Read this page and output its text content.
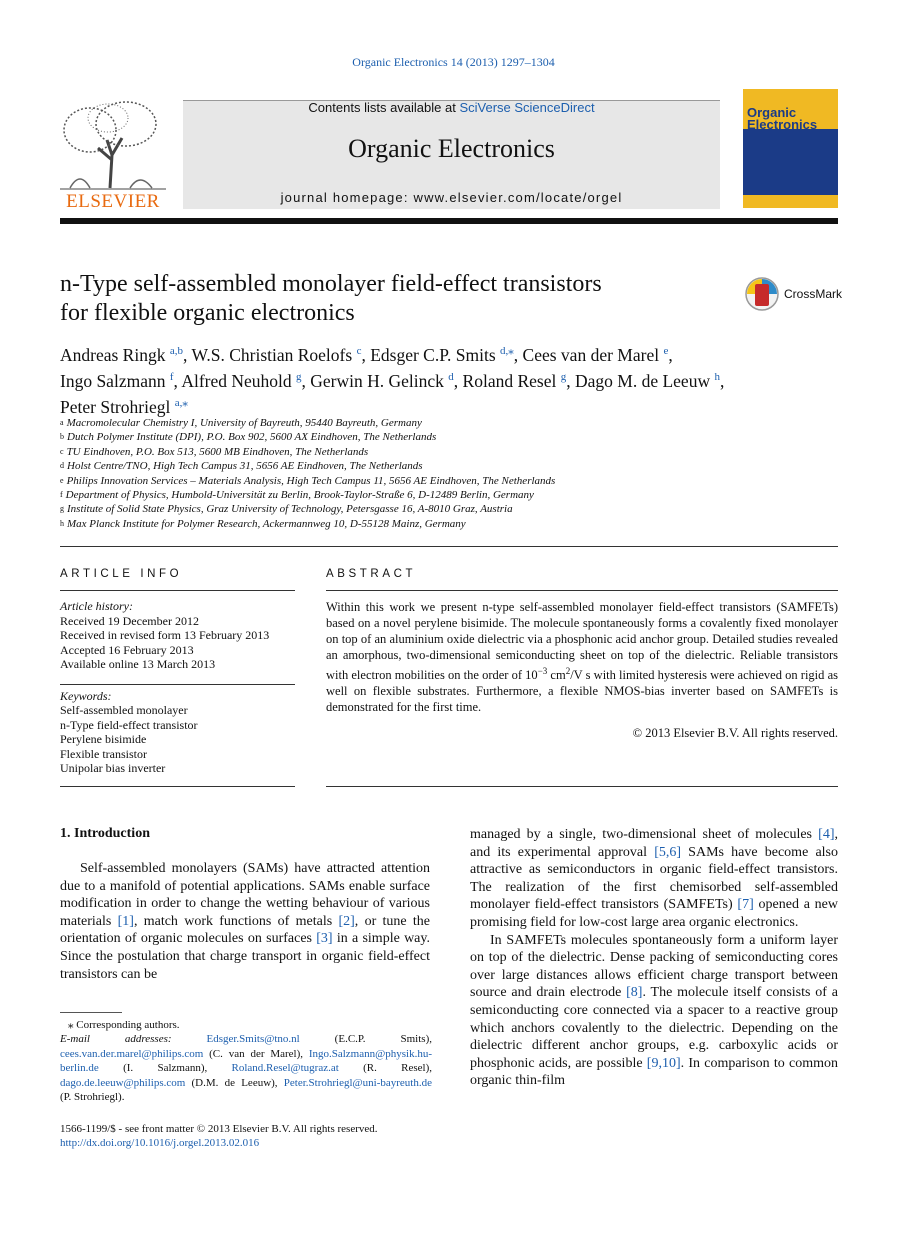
Organic Electronics 14 (2013) 1297–1304
ELSEVIER
Contents lists available at SciVerse ScienceDirect
Organic Electronics
journal homepage: www.elsevier.com/locate/orgel
Organic Electronics
n-Type self-assembled monolayer field-effect transistors
for flexible organic electronics
CrossMark
Andreas Ringk $^{a,b}$, W.S. Christian Roelofs $^c$, Edsger C.P. Smits $^{d,⁎}$, Cees van der Marel $^e$,
Ingo Salzmann $^f$, Alfred Neuhold $^g$, Gerwin H. Gelinck $^d$, Roland Resel $^g$, Dago M. de Leeuw $^h$,
Peter Strohriegl $^{a,⁎}$
$^a$ Macromolecular Chemistry I, University of Bayreuth, 95440 Bayreuth, Germany
$^b$ Dutch Polymer Institute (DPI), P.O. Box 902, 5600 AX Eindhoven, The Netherlands
$^c$ TU Eindhoven, P.O. Box 513, 5600 MB Eindhoven, The Netherlands
$^d$ Holst Centre/TNO, High Tech Campus 31, 5656 AE Eindhoven, The Netherlands
$^e$ Philips Innovation Services – Materials Analysis, High Tech Campus 11, 5656 AE Eindhoven, The Netherlands
$^f$ Department of Physics, Humbold-Universität zu Berlin, Brook-Taylor-Straße 6, D-12489 Berlin, Germany
$^g$ Institute of Solid State Physics, Graz University of Technology, Petersgasse 16, A-8010 Graz, Austria
$^h$ Max Planck Institute for Polymer Research, Ackermannweg 10, D-55128 Mainz, Germany
ARTICLE INFO
Article history:
Received 19 December 2012
Received in revised form 13 February 2013
Accepted 16 February 2013
Available online 13 March 2013
Keywords:
Self-assembled monolayer
n-Type field-effect transistor
Perylene bisimide
Flexible transistor
Unipolar bias inverter
ABSTRACT
Within this work we present n-type self-assembled monolayer field-effect transistors (SAMFETs) based on a novel perylene bisimide. The molecule spontaneously forms a covalently fixed monolayer on top of an aluminium oxide dielectric via a phosphonic acid anchor group. Detailed studies revealed an amorphous, two-dimensional semiconducting sheet on top of the dielectric. Reliable transistors with electron mobilities on the order of $10^{-3}$ $cm^2/V$ s with limited hysteresis were achieved on rigid as well on flexible substrates. Furthermore, a flexible NMOS-bias inverter based on SAMFETs is demonstrated for the first time.
© 2013 Elsevier B.V. All rights reserved.
1. Introduction

Self-assembled monolayers (SAMs) have attracted attention due to a manifold of potential applications. SAMs enable surface modification in order to change the wetting behaviour of various materials [1], match work functions of metals [2], or tune the orientation of organic molecules on surfaces [3] in a simple way. Since the postulation that charge transport in organic field-effect transistors can be

managed by a single, two-dimensional sheet of molecules [4], and its experimental approval [5,6] SAMs have become also attractive as semiconductors in organic field-effect transistors. The realization of the first chemisorbed self-assembled monolayer field-effect transistors (SAMFETs) [7] opened a new promising field for low-cost large area organic electronics.

In SAMFETs molecules spontaneously form a uniform layer on top of the dielectric. Dense packing of semiconducting cores over large distances allows efficient charge transport between source and drain electrode [8]. The molecule itself consists of a semiconducting core connected via a spacer to a reactive group which anchors covalently to the dielectric. Depending on the dielectric different anchor groups, e.g. carboxylic acids or phosphonic acids, are possible [9,10]. In comparison to common organic thin-film

⁎ Corresponding authors.
E-mail addresses: Edsger.Smits@tno.nl (E.C.P. Smits), cees.van.der.marel@philips.com (C. van der Marel), Ingo.Salzmann@physik.hu-berlin.de (I. Salzmann), Roland.Resel@tugraz.at (R. Resel), dago.de.leeuw@philips.com (D.M. de Leeuw), Peter.Strohriegl@uni-bayreuth.de (P. Strohriegl).
1566-1199/$ - see front matter © 2013 Elsevier B.V. All rights reserved.
http://dx.doi.org/10.1016/j.orgel.2013.02.016
